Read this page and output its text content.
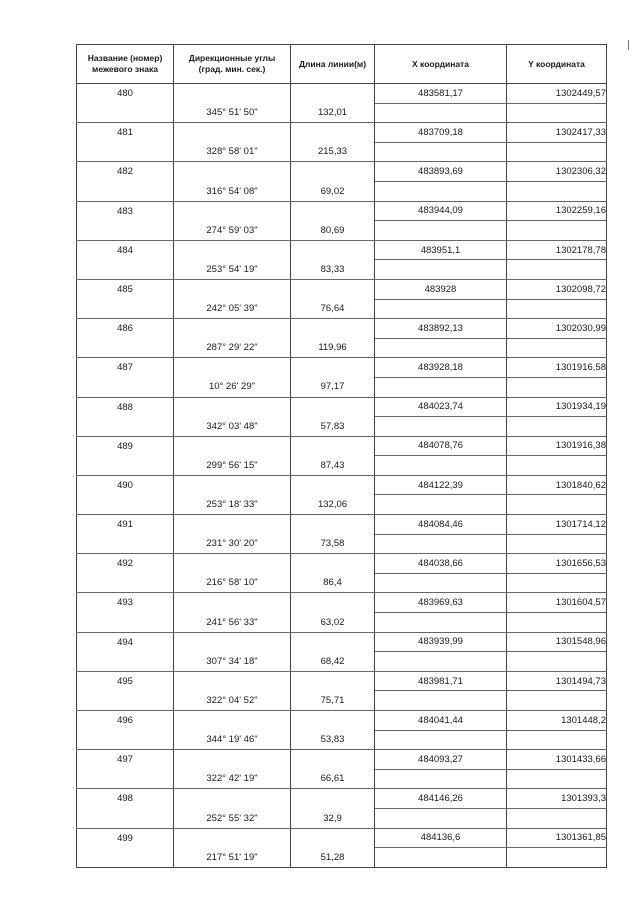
Название (номер) межевого знака	Дирекционные углы (град. мин. сек.)	Длина линии(м)	X координата	Y координата
480			483581,17	1302449,57
	345° 51' 50"	132,01		
481			483709,18	1302417,33
	328° 58' 01"	215,33		
482			483893,69	1302306,32
	316° 54' 08"	69,02		
483			483944,09	1302259,16
	274° 59' 03"	80,69		
484			483951,1	1302178,78
	253° 54' 19"	83,33		
485			483928	1302098,72
	242° 05' 39"	76,64		
486			483892,13	1302030,99
	287° 29' 22"	119,96		
487			483928,18	1301916,58
	10° 26' 29"	97,17		
488			484023,74	1301934,19
	342° 03' 48"	57,83		
489			484078,76	1301916,38
	299° 56' 15"	87,43		
490			484122,39	1301840,62
	253° 18' 33"	132,06		
491			484084,46	1301714,12
	231° 30' 20"	73,58		
492			484038,66	1301656,53
	216° 58' 10"	86,4		
493			483969,63	1301604,57
	241° 56' 33"	63,02		
494			483939,99	1301548,96
	307° 34' 18"	68,42		
495			483981,71	1301494,73
	322° 04' 52"	75,71		
496			484041,44	1301448,2
	344° 19' 46"	53,83		
497			484093,27	1301433,66
	322° 42' 19"	66,61		
498			484146,26	1301393,3
	252° 55' 32"	32,9		
499			484136,6	1301361,85
	217° 51' 19"	51,28		
